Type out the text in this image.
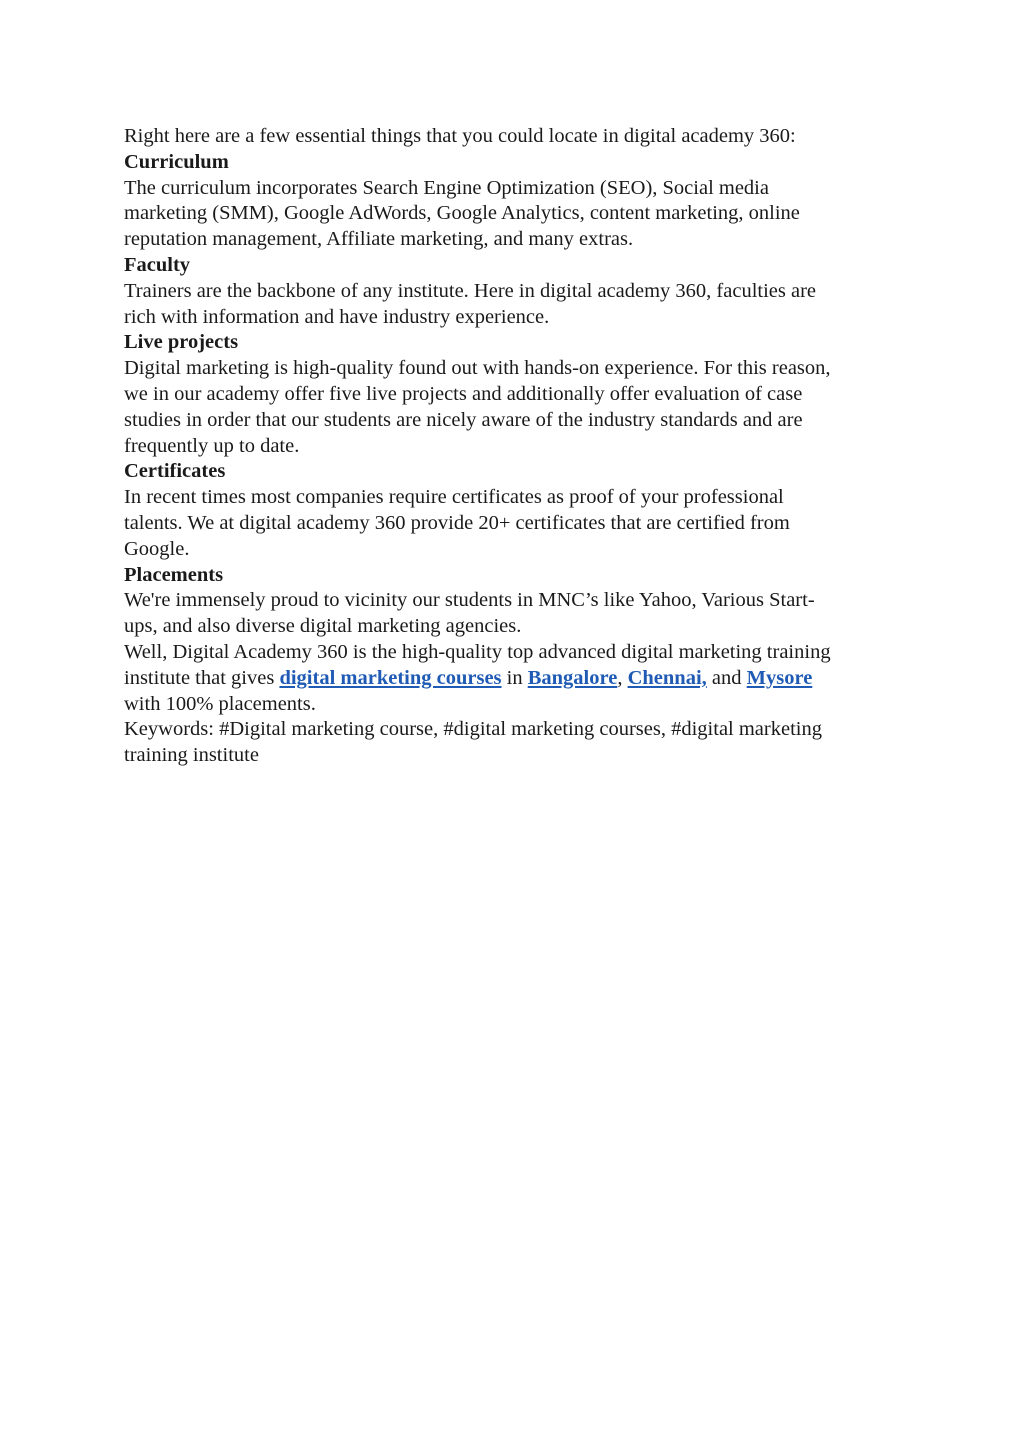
Right here are a few essential things that you could locate in digital academy 360:
Curriculum
The curriculum incorporates Search Engine Optimization (SEO), Social media
marketing (SMM), Google AdWords, Google Analytics, content marketing, online
reputation management, Affiliate marketing, and many extras.
Faculty
Trainers are the backbone of any institute. Here in digital academy 360, faculties are
rich with information and have industry experience.
Live projects
Digital marketing is high-quality found out with hands-on experience. For this reason,
we in our academy offer five live projects and additionally offer evaluation of case
studies in order that our students are nicely aware of the industry standards and are
frequently up to date.
Certificates
In recent times most companies require certificates as proof of your professional
talents. We at digital academy 360 provide 20+ certificates that are certified from
Google.
Placements
We're immensely proud to vicinity our students in MNC’s like Yahoo, Various Start-
ups, and also diverse digital marketing agencies.
Well, Digital Academy 360 is the high-quality top advanced digital marketing training
institute that gives digital marketing courses in Bangalore, Chennai, and Mysore
with 100% placements.
Keywords: #Digital marketing course, #digital marketing courses, #digital marketing
training institute
